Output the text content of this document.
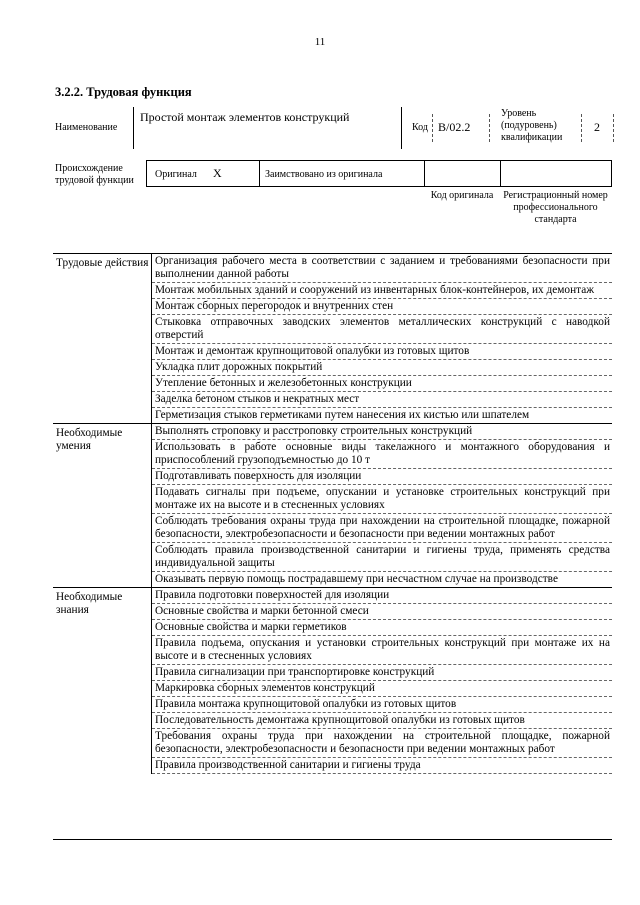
11
3.2.2. Трудовая функция
Наименование
Простой монтаж элементов конструкций
Код B/02.2
Уровень (подуровень) квалификации
2
Происхождение трудовой функции
Оригинал X	Заимствовано из оригинала
Код оригинала Регистрационный номер профессионального стандарта
Трудовые действия	Организация рабочего места в соответствии с заданием и требованиями безопасности при выполнении данной работы
	Монтаж мобильных зданий и сооружений из инвентарных блок-контейнеров, их демонтаж
	Монтаж сборных перегородок и внутренних стен
	Стыковка отправочных заводских элементов металлических конструкций с наводкой отверстий
	Монтаж и демонтаж крупнощитовой опалубки из готовых щитов
	Укладка плит дорожных покрытий
	Утепление бетонных и железобетонных конструкции
	Заделка бетоном стыков и некратных мест
	Герметизация стыков герметиками путем нанесения их кистью или шпателем
Необходимые умения	Выполнять строповку и расстроповку строительных конструкций
	Использовать в работе основные виды такелажного и монтажного оборудования и приспособлений грузоподъемностью до 10 т
	Подготавливать поверхность для изоляции
	Подавать сигналы при подъеме, опускании и установке строительных конструкций при монтаже их на высоте и в стесненных условиях
	Соблюдать требования охраны труда при нахождении на строительной площадке, пожарной безопасности, электробезопасности и безопасности при ведении монтажных работ
	Соблюдать правила производственной санитарии и гигиены труда, применять средства индивидуальной защиты
	Оказывать первую помощь пострадавшему при несчастном случае на производстве
Необходимые знания	Правила подготовки поверхностей для изоляции
	Основные свойства и марки бетонной смеси
	Основные свойства и марки герметиков
	Правила подъема, опускания и установки строительных конструкций при монтаже их на высоте и в стесненных условиях
	Правила сигнализации при транспортировке конструкций
	Маркировка сборных элементов конструкций
	Правила монтажа крупнощитовой опалубки из готовых щитов
	Последовательность демонтажа крупнощитовой опалубки из готовых щитов
	Требования охраны труда при нахождении на строительной площадке, пожарной безопасности, электробезопасности и безопасности при ведении монтажных работ
	Правила производственной санитарии и гигиены труда
